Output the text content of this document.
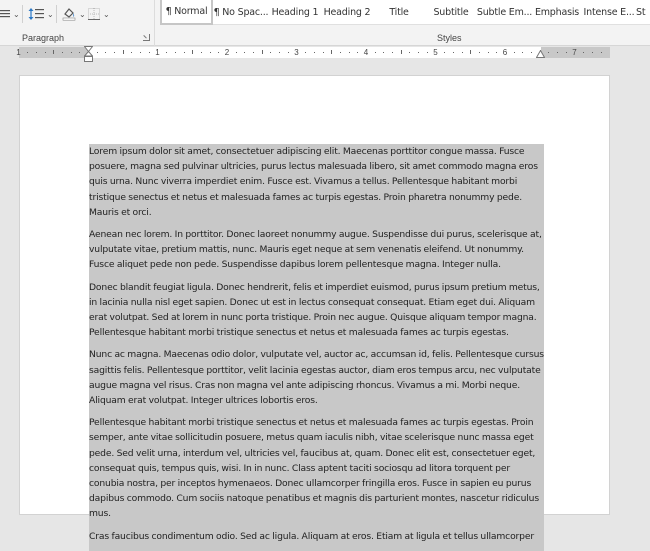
⌄	⌄	⌄ ⌄
Paragraph
¶ Normal ¶ No Spac... Heading 1 Heading 2	Title	Subtitle Subtle Em... Emphasis Intense E... St
Styles
1	2	3	4	5	6	7
1

Lorem ipsum dolor sit amet, consectetuer adipiscing elit. Maecenas porttitor congue massa. Fusce posuere, magna sed pulvinar ultricies, purus lectus malesuada libero, sit amet commodo magna eros quis urna. Nunc viverra imperdiet enim. Fusce est. Vivamus a tellus. Pellentesque habitant morbi tristique senectus et netus et malesuada fames ac turpis egestas. Proin pharetra nonummy pede. Mauris et orci.

Aenean nec lorem. In porttitor. Donec laoreet nonummy augue. Suspendisse dui purus, scelerisque at, vulputate vitae, pretium mattis, nunc. Mauris eget neque at sem venenatis eleifend. Ut nonummy. Fusce aliquet pede non pede. Suspendisse dapibus lorem pellentesque magna. Integer nulla.

Donec blandit feugiat ligula. Donec hendrerit, felis et imperdiet euismod, purus ipsum pretium metus, in lacinia nulla nisl eget sapien. Donec ut est in lectus consequat consequat. Etiam eget dui. Aliquam erat volutpat. Sed at lorem in nunc porta tristique. Proin nec augue. Quisque aliquam tempor magna. Pellentesque habitant morbi tristique senectus et netus et malesuada fames ac turpis egestas.

Nunc ac magna. Maecenas odio dolor, vulputate vel, auctor ac, accumsan id, felis. Pellentesque cursus sagittis felis. Pellentesque porttitor, velit lacinia egestas auctor, diam eros tempus arcu, nec vulputate augue magna vel risus. Cras non magna vel ante adipiscing rhoncus. Vivamus a mi. Morbi neque. Aliquam erat volutpat. Integer ultrices lobortis eros.

Pellentesque habitant morbi tristique senectus et netus et malesuada fames ac turpis egestas. Proin semper, ante vitae sollicitudin posuere, metus quam iaculis nibh, vitae scelerisque nunc massa eget pede. Sed velit urna, interdum vel, ultricies vel, faucibus at, quam. Donec elit est, consectetuer eget, consequat quis, tempus quis, wisi. In in nunc. Class aptent taciti sociosqu ad litora torquent per conubia nostra, per inceptos hymenaeos. Donec ullamcorper fringilla eros. Fusce in sapien eu purus dapibus commodo. Cum sociis natoque penatibus et magnis dis parturient montes, nascetur ridiculus mus.

Cras faucibus condimentum odio. Sed ac ligula. Aliquam at eros. Etiam at ligula et tellus ullamcorper
